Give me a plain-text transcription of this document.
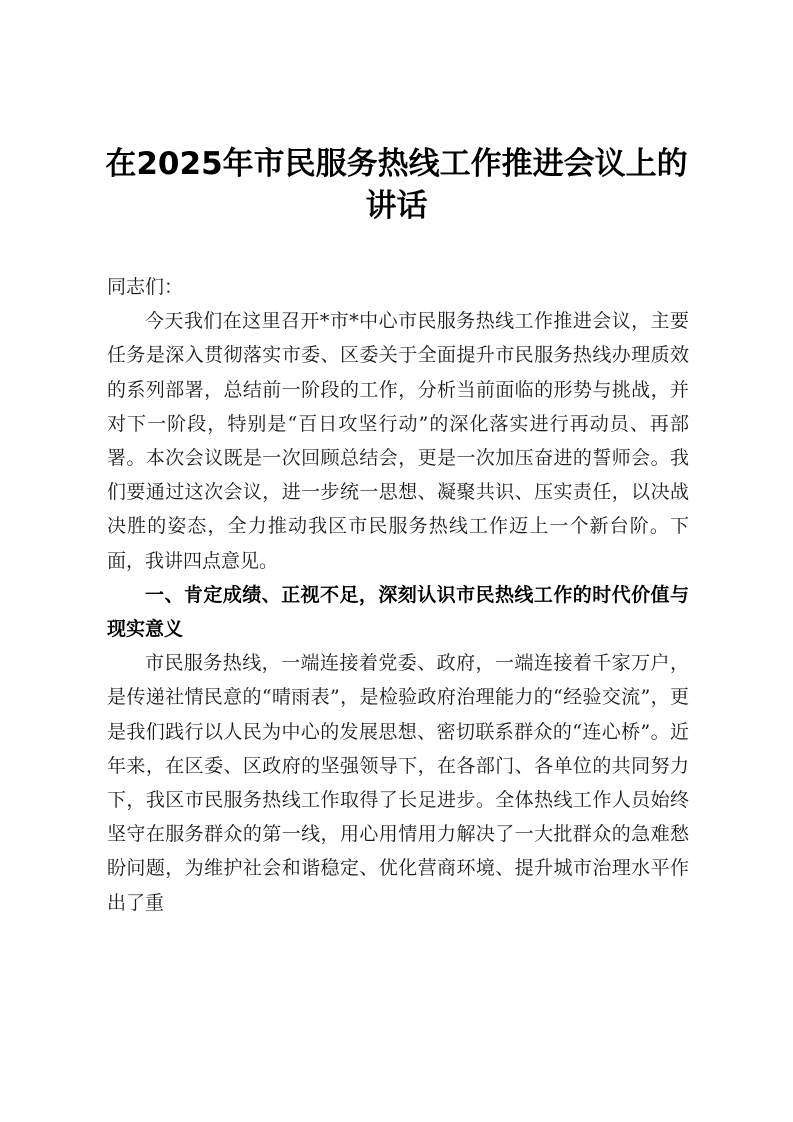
在2025年市民服务热线工作推进会议上的讲话

同志们：

今天我们在这里召开*市*中心市民服务热线工作推进会议，主要任务是深入贯彻落实市委、区委关于全面提升市民服务热线办理质效的系列部署，总结前一阶段的工作，分析当前面临的形势与挑战，并对下一阶段，特别是“百日攻坚行动”的深化落实进行再动员、再部署。本次会议既是一次回顾总结会，更是一次加压奋进的誓师会。我们要通过这次会议，进一步统一思想、凝聚共识、压实责任，以决战决胜的姿态，全力推动我区市民服务热线工作迈上一个新台阶。下面，我讲四点意见。

一、肯定成绩、正视不足，深刻认识市民热线工作的时代价值与现实意义

市民服务热线，一端连接着党委、政府，一端连接着千家万户，是传递社情民意的“晴雨表”，是检验政府治理能力的“经验交流”，更是我们践行以人民为中心的发展思想、密切联系群众的“连心桥”。近年来，在区委、区政府的坚强领导下，在各部门、各单位的共同努力下，我区市民服务热线工作取得了长足进步。全体热线工作人员始终坚守在服务群众的第一线，用心用情用力解决了一大批群众的急难愁盼问题，为维护社会和谐稳定、优化营商环境、提升城市治理水平作出了重
